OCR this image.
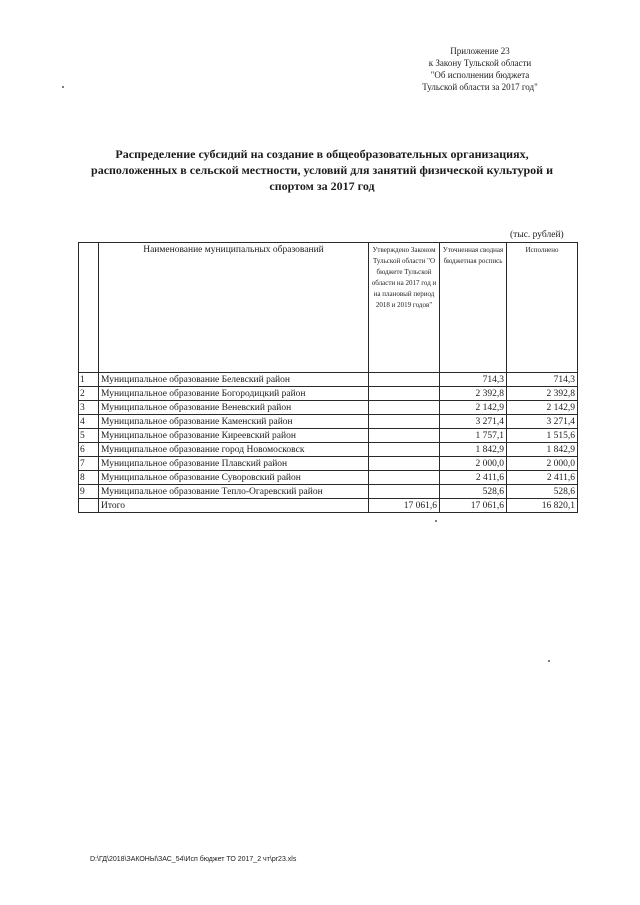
Приложение 23
к Закону Тульской области
"Об исполнении бюджета
Тульской области за 2017 год"
Распределение субсидий на создание в общеобразовательных организациях,
расположенных в сельской местности, условий для занятий физической культурой и
спортом за 2017 год
(тыс. рублей)
	Наименование муниципальных образований	Утверждено Законом Тульской области "О бюджете Тульской области на 2017 год и на плановый период 2018 и 2019 годов"	Уточненная сводная бюджетная роспись	Исполнено
1	Муниципальное образование Белевский район		714,3	714,3
2	Муниципальное образование Богородицкий район		2 392,8	2 392,8
3	Муниципальное образование Веневский район		2 142,9	2 142,9
4	Муниципальное образование Каменский район		3 271,4	3 271,4
5	Муниципальное образование Киреевский район		1 757,1	1 515,6
6	Муниципальное образование город Новомосковск		1 842,9	1 842,9
7	Муниципальное образование Плавский район		2 000,0	2 000,0
8	Муниципальное образование Суворовский район		2 411,6	2 411,6
9	Муниципальное образование Тепло-Огаревский район		528,6	528,6
	Итого	17 061,6	17 061,6	16 820,1
D:\ГД\2018\ЗАКОНЫ\ЗАС_54\Исп бюджет ТО 2017_2 чт\pr23.xls
